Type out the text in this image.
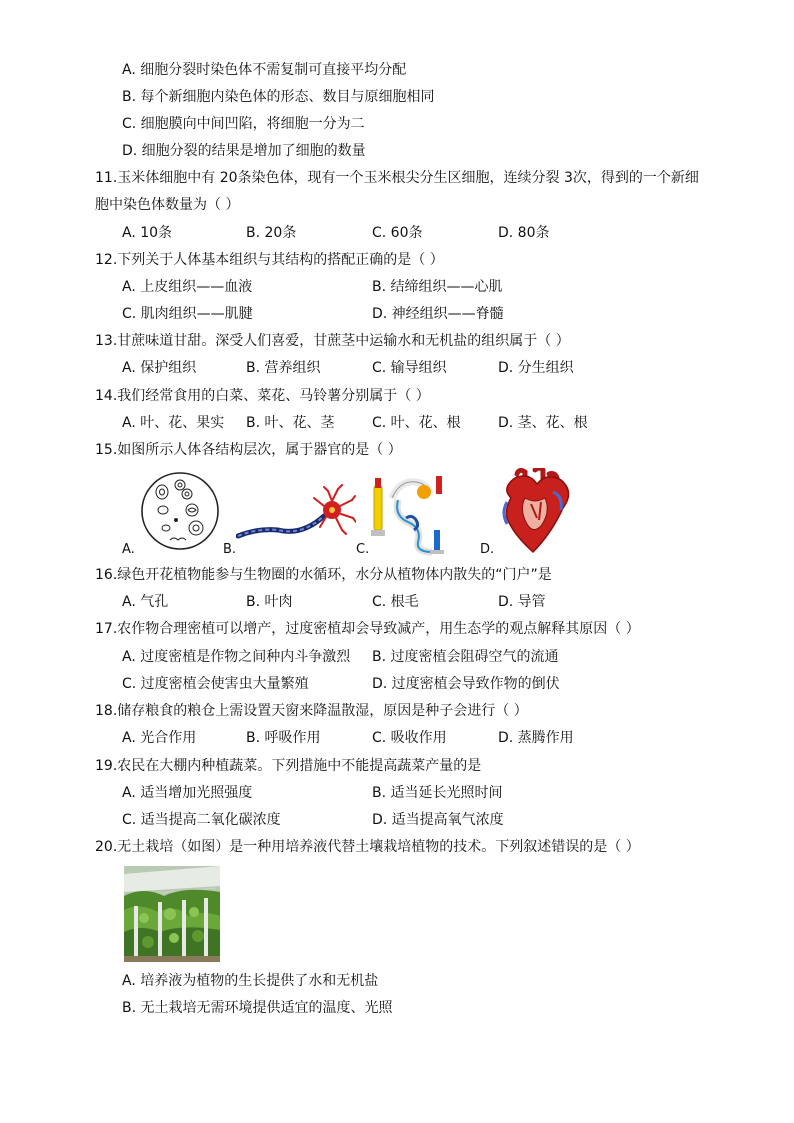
A. 细胞分裂时染色体不需复制可直接平均分配
B. 每个新细胞内染色体的形态、数目与原细胞相同
C. 细胞膜向中间凹陷，将细胞一分为二
D. 细胞分裂的结果是增加了细胞的数量
11.玉米体细胞中有 20条染色体，现有一个玉米根尖分生区细胞，连续分裂 3次，得到的一个新细
胞中染色体数量为（ ）
A. 10条	B. 20条	C. 60条	D. 80条
12.下列关于人体基本组织与其结构的搭配正确的是（ ）
A. 上皮组织——血液	B. 结缔组织——心肌
C. 肌肉组织——肌腱	D. 神经组织——脊髓
13.甘蔗味道甘甜。深受人们喜爱，甘蔗茎中运输水和无机盐的组织属于（ ）
A. 保护组织	B. 营养组织	C. 输导组织	D. 分生组织
14.我们经常食用的白菜、菜花、马铃薯分别属于（ ）
A. 叶、花、果实 B. 叶、花、茎	C. 叶、花、根	D. 茎、花、根
15.如图所示人体各结构层次，属于器官的是（ ）
A.	B.	C.	D.
16.绿色开花植物能参与生物圈的水循环，水分从植物体内散失的“门户”是
A. 气孔	B. 叶肉	C. 根毛	D. 导管
17.农作物合理密植可以增产，过度密植却会导致减产，用生态学的观点解释其原因（ ）
A. 过度密植是作物之间种内斗争激烈 B. 过度密植会阻碍空气的流通
C. 过度密植会使害虫大量繁殖	D. 过度密植会导致作物的倒伏
18.储存粮食的粮仓上需设置天窗来降温散湿，原因是种子会进行（ ）
A. 光合作用	B. 呼吸作用	C. 吸收作用	D. 蒸腾作用
19.农民在大棚内种植蔬菜。下列措施中不能提高蔬菜产量的是
A. 适当增加光照强度	B. 适当延长光照时间
C. 适当提高二氧化碳浓度	D. 适当提高氧气浓度
20.无土栽培（如图）是一种用培养液代替土壤栽培植物的技术。下列叙述错误的是（ ）
A. 培养液为植物的生长提供了水和无机盐
B. 无土栽培无需环境提供适宜的温度、光照
